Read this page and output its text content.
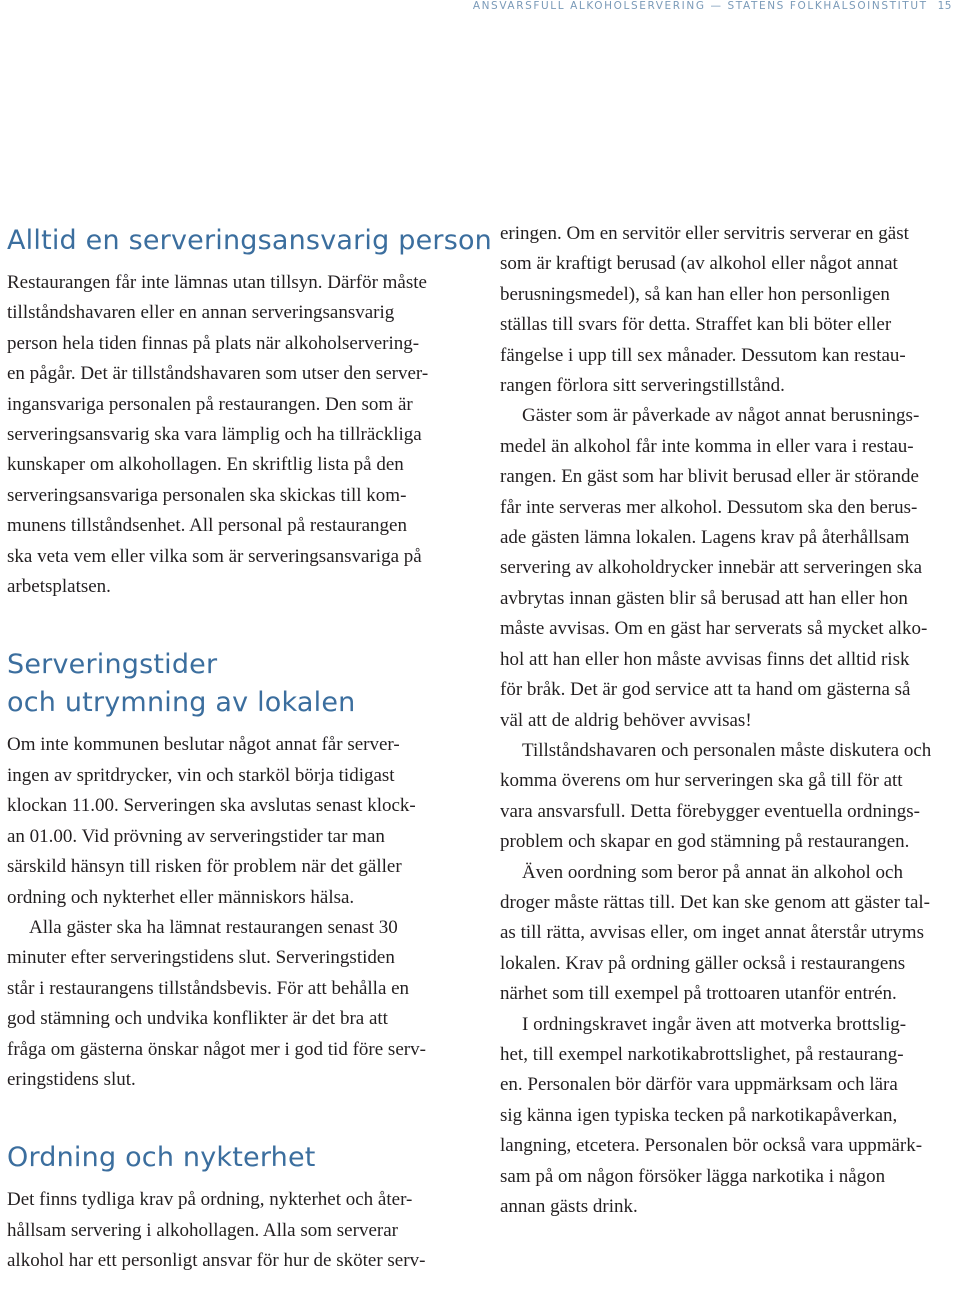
ANSVARSFULL ALKOHOLSERVERING — STATENS FOLKHÄLSOINSTITUT 15
Alltid en serveringsansvarig person

Restaurangen får inte lämnas utan tillsyn. Därför måste
tillståndshavaren eller en annan serveringsansvarig
person hela tiden finnas på plats när alkoholservering-
en pågår. Det är tillståndshavaren som utser den server-
ingansvariga personalen på restaurangen. Den som är
serveringsansvarig ska vara lämplig och ha tillräckliga
kunskaper om alkohollagen. En skriftlig lista på den
serveringsansvariga personalen ska skickas till kom-
munens tillståndsenhet. All personal på restaurangen
ska veta vem eller vilka som är serveringsansvariga på
arbetsplatsen.

Serveringstider
och utrymning av lokalen

Om inte kommunen beslutar något annat får server-
ingen av spritdrycker, vin och starköl börja tidigast
klockan 11.00. Serveringen ska avslutas senast klock-
an 01.00. Vid prövning av serveringstider tar man
särskild hänsyn till risken för problem när det gäller
ordning och nykterhet eller människors hälsa.

Alla gäster ska ha lämnat restaurangen senast 30
minuter efter serveringstidens slut. Serveringstiden
står i restaurangens tillståndsbevis. För att behålla en
god stämning och undvika konflikter är det bra att
fråga om gästerna önskar något mer i god tid före serv-
eringstidens slut.

Ordning och nykterhet

Det finns tydliga krav på ordning, nykterhet och åter-
hållsam servering i alkohollagen. Alla som serverar
alkohol har ett personligt ansvar för hur de sköter serv-

eringen. Om en servitör eller servitris serverar en gäst
som är kraftigt berusad (av alkohol eller något annat
berusningsmedel), så kan han eller hon personligen
ställas till svars för detta. Straffet kan bli böter eller
fängelse i upp till sex månader. Dessutom kan restau-
rangen förlora sitt serveringstillstånd.

Gäster som är påverkade av något annat berusnings-
medel än alkohol får inte komma in eller vara i restau-
rangen. En gäst som har blivit berusad eller är störande
får inte serveras mer alkohol. Dessutom ska den berus-
ade gästen lämna lokalen. Lagens krav på återhållsam
servering av alkoholdrycker innebär att serveringen ska
avbrytas innan gästen blir så berusad att han eller hon
måste avvisas. Om en gäst har serverats så mycket alko-
hol att han eller hon måste avvisas finns det alltid risk
för bråk. Det är god service att ta hand om gästerna så
väl att de aldrig behöver avvisas!

Tillståndshavaren och personalen måste diskutera och
komma överens om hur serveringen ska gå till för att
vara ansvarsfull. Detta förebygger eventuella ordnings-
problem och skapar en god stämning på restaurangen.

Även oordning som beror på annat än alkohol och
droger måste rättas till. Det kan ske genom att gäster tal-
as till rätta, avvisas eller, om inget annat återstår utryms
lokalen. Krav på ordning gäller också i restaurangens
närhet som till exempel på trottoaren utanför entrén.

I ordningskravet ingår även att motverka brottslig-
het, till exempel narkotikabrottslighet, på restaurang-
en. Personalen bör därför vara uppmärksam och lära
sig känna igen typiska tecken på narkotikapåverkan,
langning, etcetera. Personalen bör också vara uppmärk-
sam på om någon försöker lägga narkotika i någon
annan gästs drink.
